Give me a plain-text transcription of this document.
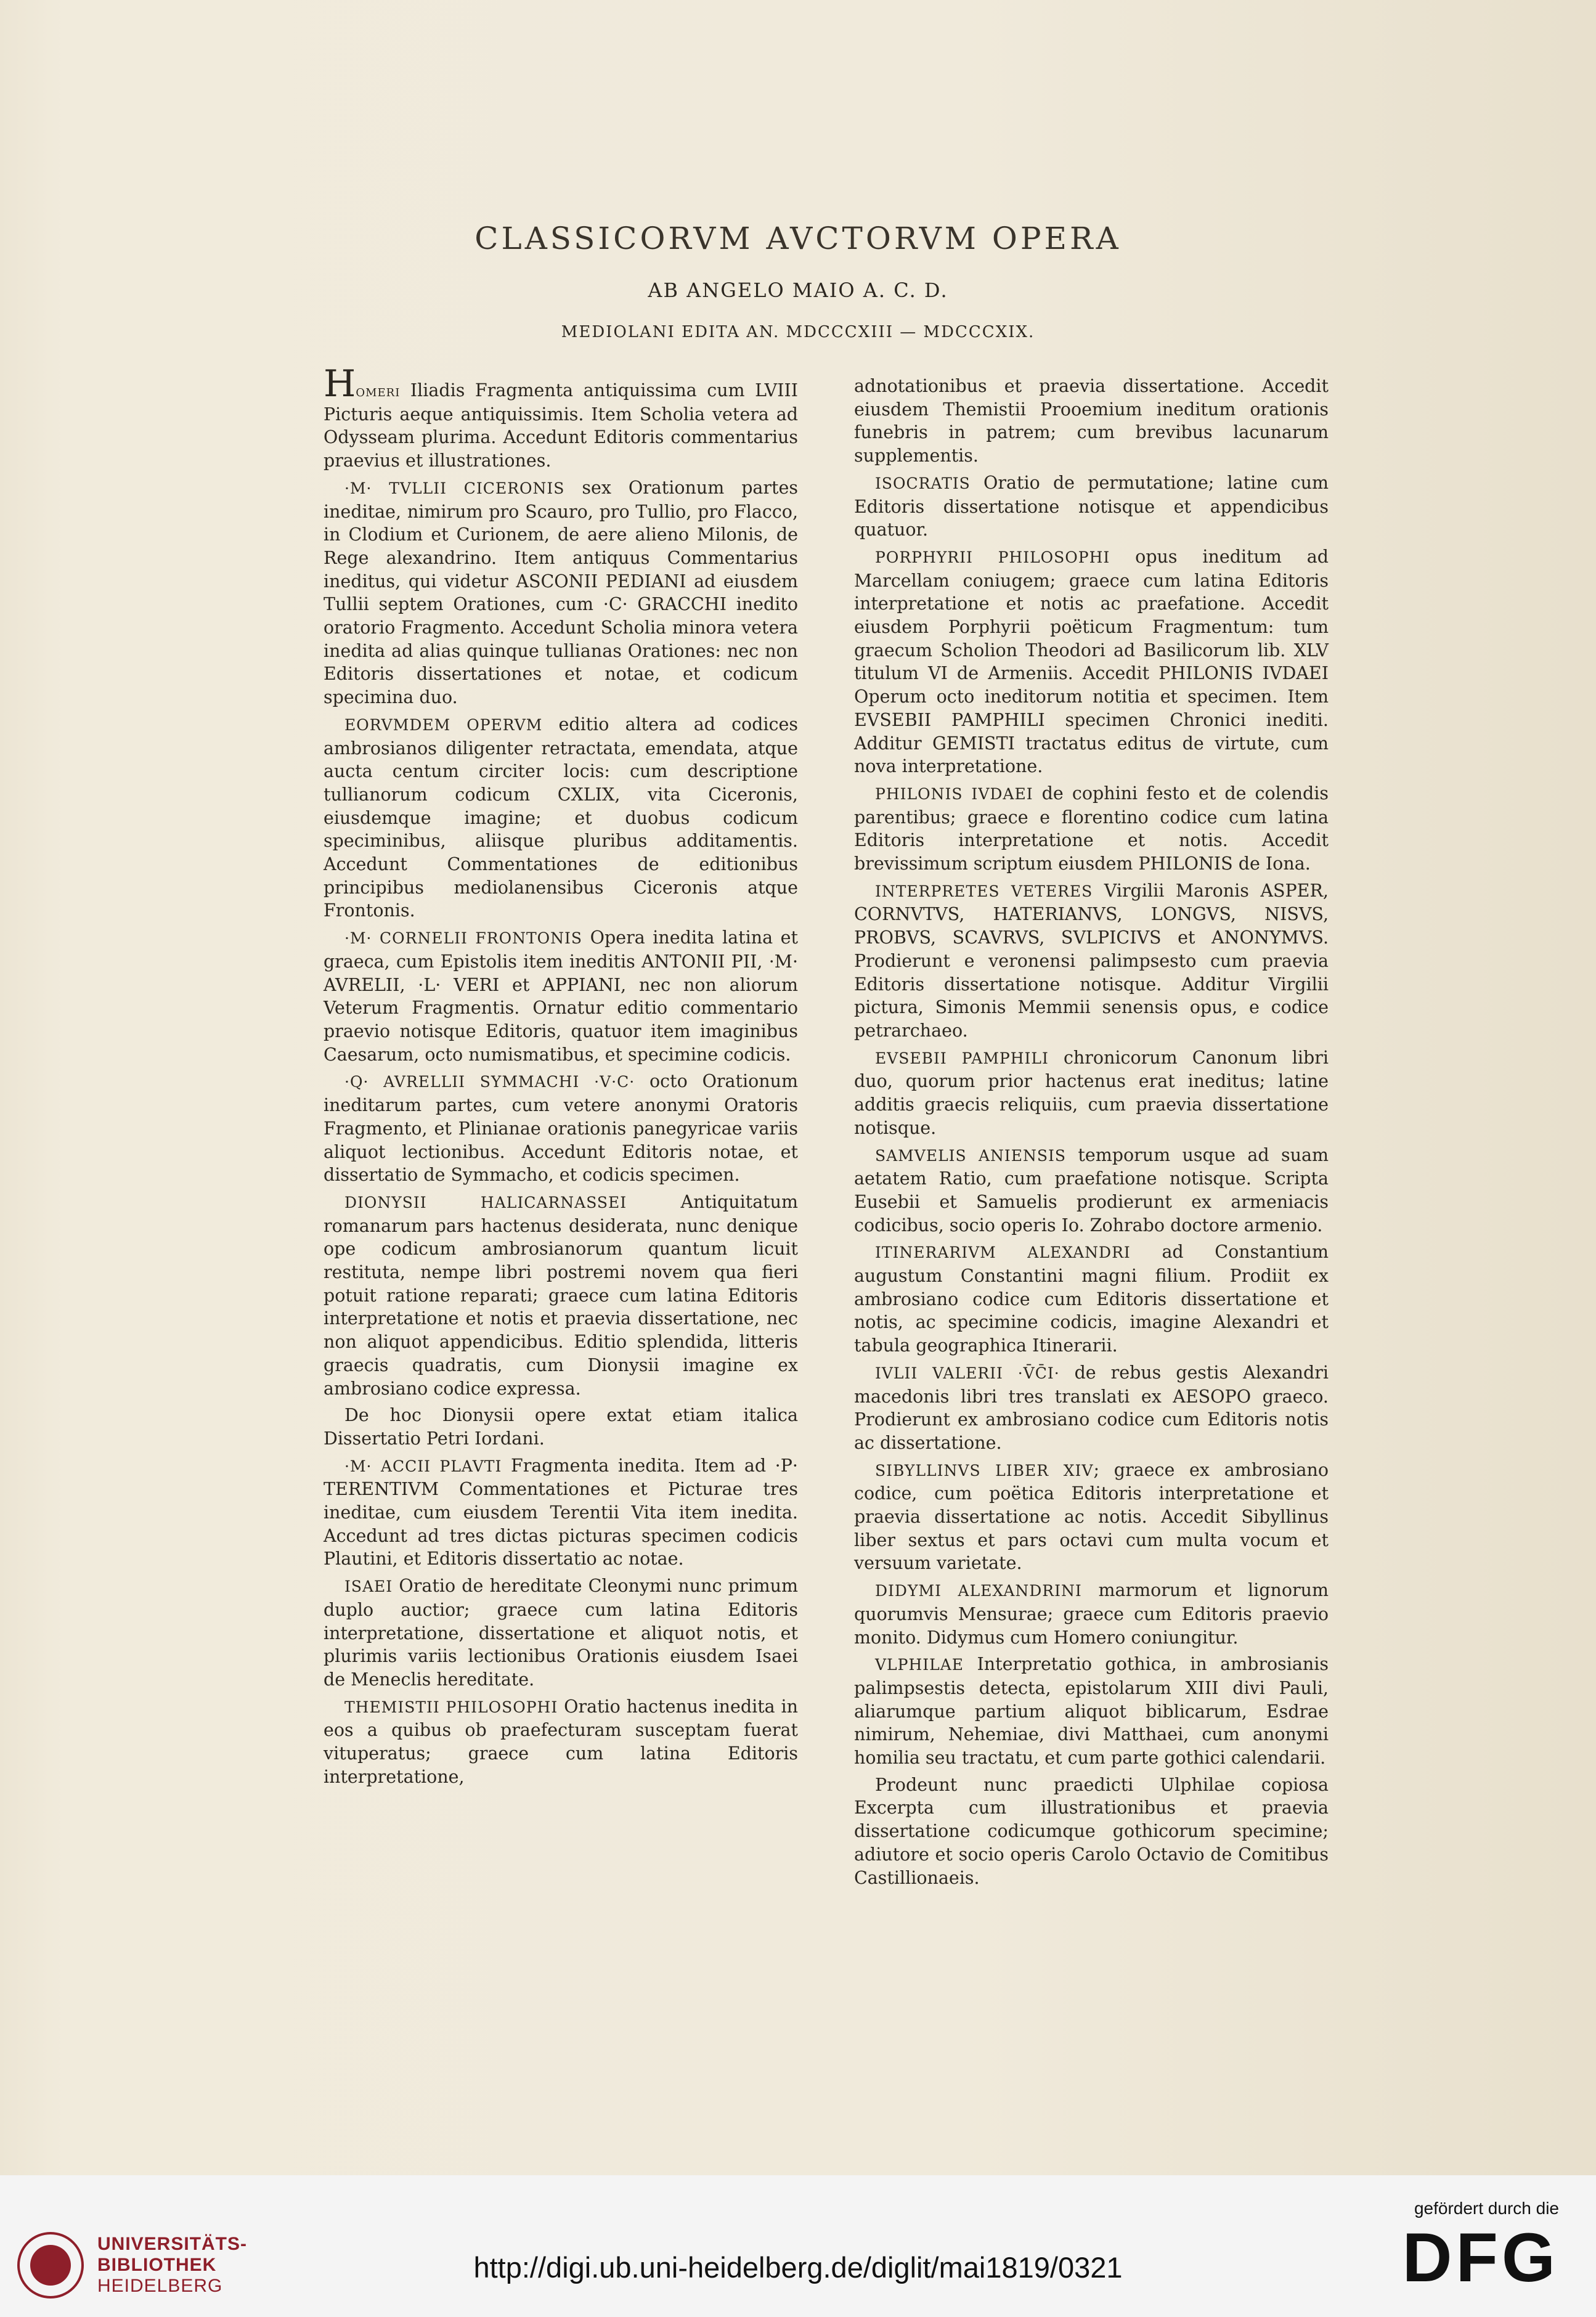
CLASSICORVM AVCTORVM OPERA
AB ANGELO MAIO A. C. D.
MEDIOLANI EDITA AN. MDCCCXIII — MDCCCXIX.

Homeri Iliadis Fragmenta antiquissima cum LVIII Picturis aeque antiquissimis. Item Scholia vetera ad Odysseam plurima. Accedunt Editoris commentarius praevius et illustrationes.

·M· TVLLII CICERONIS sex Orationum partes ineditae, nimirum pro Scauro, pro Tullio, pro Flacco, in Clodium et Curionem, de aere alieno Milonis, de Rege alexandrino. Item antiquus Commentarius ineditus, qui videtur ASCONII PEDIANI ad eiusdem Tullii septem Orationes, cum ·C· GRACCHI inedito oratorio Fragmento. Accedunt Scholia minora vetera inedita ad alias quinque tullianas Orationes: nec non Editoris dissertationes et notae, et codicum specimina duo.

EORVMDEM OPERVM editio altera ad codices ambrosianos diligenter retractata, emendata, atque aucta centum circiter locis: cum descriptione tullianorum codicum CXLIX, vita Ciceronis, eiusdemque imagine; et duobus codicum speciminibus, aliisque pluribus additamentis. Accedunt Commentationes de editionibus principibus mediolanensibus Ciceronis atque Frontonis.

·M· CORNELII FRONTONIS Opera inedita latina et graeca, cum Epistolis item ineditis ANTONII PII, ·M· AVRELII, ·L· VERI et APPIANI, nec non aliorum Veterum Fragmentis. Ornatur editio commentario praevio notisque Editoris, quatuor item imaginibus Caesarum, octo numismatibus, et specimine codicis.

·Q· AVRELLII SYMMACHI ·V·C· octo Orationum ineditarum partes, cum vetere anonymi Oratoris Fragmento, et Plinianae orationis panegyricae variis aliquot lectionibus. Accedunt Editoris notae, et dissertatio de Symmacho, et codicis specimen.

DIONYSII HALICARNASSEI	Antiquitatum romanarum pars hactenus desiderata, nunc denique ope codicum ambrosianorum quantum licuit restituta, nempe libri postremi novem qua fieri potuit ratione reparati; graece cum latina Editoris interpretatione et notis et praevia dissertatione, nec non aliquot appendicibus. Editio splendida, litteris graecis quadratis, cum Dionysii imagine ex ambrosiano codice expressa.

De hoc Dionysii opere extat etiam italica Dissertatio Petri Iordani.

·M· ACCII PLAVTI Fragmenta inedita. Item ad ·P· TERENTIVM Commentationes et Picturae tres ineditae, cum eiusdem Terentii Vita item inedita. Accedunt ad tres dictas picturas specimen codicis Plautini, et Editoris dissertatio ac notae.

ISAEI Oratio de hereditate Cleonymi nunc primum duplo auctior; graece cum latina Editoris interpretatione, dissertatione et aliquot notis, et plurimis variis lectionibus Orationis eiusdem Isaei de Meneclis hereditate.

THEMISTII PHILOSOPHI Oratio hactenus inedita in eos a quibus ob praefecturam susceptam fuerat vituperatus; graece cum latina Editoris interpretatione,

adnotationibus et praevia dissertatione. Accedit eiusdem Themistii Prooemium ineditum orationis funebris in patrem; cum brevibus lacunarum supplementis.

ISOCRATIS Oratio de permutatione; latine cum Editoris dissertatione notisque et appendicibus quatuor.

PORPHYRII PHILOSOPHI opus ineditum ad Marcellam coniugem; graece cum latina Editoris interpretatione et notis ac praefatione. Accedit eiusdem Porphyrii poëticum Fragmentum: tum graecum Scholion Theodori ad Basilicorum lib. XLV titulum VI de Armeniis. Accedit PHILONIS IVDAEI Operum octo ineditorum notitia et specimen. Item EVSEBII PAMPHILI specimen Chronici inediti. Additur GEMISTI tractatus editus de virtute, cum nova interpretatione.

PHILONIS IVDAEI de cophini festo et de colendis parentibus; graece e florentino codice cum latina Editoris interpretatione et notis. Accedit brevissimum scriptum eiusdem PHILONIS de Iona.

INTERPRETES VETERES Virgilii Maronis ASPER, CORNVTVS, HATERIANVS, LONGVS, NISVS, PROBVS, SCAVRVS, SVLPICIVS et ANONYMVS. Prodierunt e veronensi palimpsesto cum praevia Editoris dissertatione notisque. Additur Virgilii pictura, Simonis Memmii senensis opus, e codice petrarchaeo.

EVSEBII PAMPHILI chronicorum Canonum libri duo, quorum prior hactenus erat ineditus; latine additis graecis reliquiis, cum praevia dissertatione notisque.

SAMVELIS ANIENSIS temporum usque ad suam aetatem Ratio, cum praefatione notisque. Scripta Eusebii et Samuelis prodierunt ex armeniacis codicibus, socio operis Io. Zohrabo doctore armenio.

ITINERARIVM ALEXANDRI ad Constantium augustum Constantini magni filium. Prodiit ex ambrosiano codice cum Editoris dissertatione et notis, ac specimine codicis, imagine Alexandri et tabula geographica Itinerarii.

IVLII VALERII ·V̄C̄I· de rebus gestis Alexandri macedonis libri tres translati ex AESOPO graeco. Prodierunt ex ambrosiano codice cum Editoris notis ac dissertatione.

SIBYLLINVS LIBER XIV; graece ex ambrosiano codice, cum poëtica Editoris interpretatione et praevia dissertatione ac notis. Accedit Sibyllinus liber sextus et pars octavi cum multa vocum et versuum varietate.

DIDYMI ALEXANDRINI marmorum et lignorum quorumvis Mensurae; graece cum Editoris praevio monito. Didymus cum Homero coniungitur.

VLPHILAE Interpretatio gothica, in ambrosianis palimpsestis detecta, epistolarum XIII divi Pauli, aliarumque partium aliquot biblicarum, Esdrae nimirum, Nehemiae, divi Matthaei, cum anonymi homilia seu tractatu, et cum parte gothici calendarii.

Prodeunt nunc praedicti Ulphilae copiosa Excerpta cum illustrationibus et praevia dissertatione codicumque gothicorum specimine; adiutore et socio operis Carolo Octavio de Comitibus Castillionaeis.

UNIVERSITÄTS-
BIBLIOTHEK
HEIDELBERG
http://digi.ub.uni-heidelberg.de/diglit/mai1819/0321
gefördert durch die
DFG
